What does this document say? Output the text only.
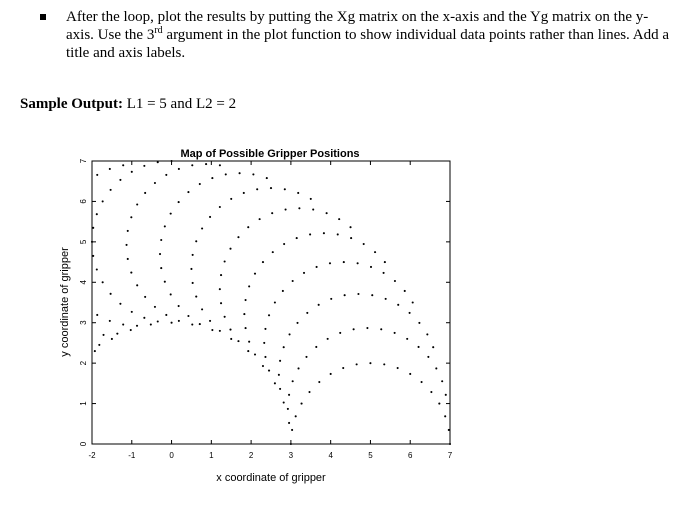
After the loop, plot the results by putting the Xg matrix on the x-axis and the Yg matrix on the y-axis. Use the 3rd argument in the plot function to show individual data points rather than lines. Add a title and axis labels.
Sample Output: L1 = 5 and L2 = 2
Map of Possible Gripper Positions
-2	-1	0	1	2	3	4	5	6	7
0
1
2
3
4
5
6
7
x coordinate of gripper
y coordinate of gripper
